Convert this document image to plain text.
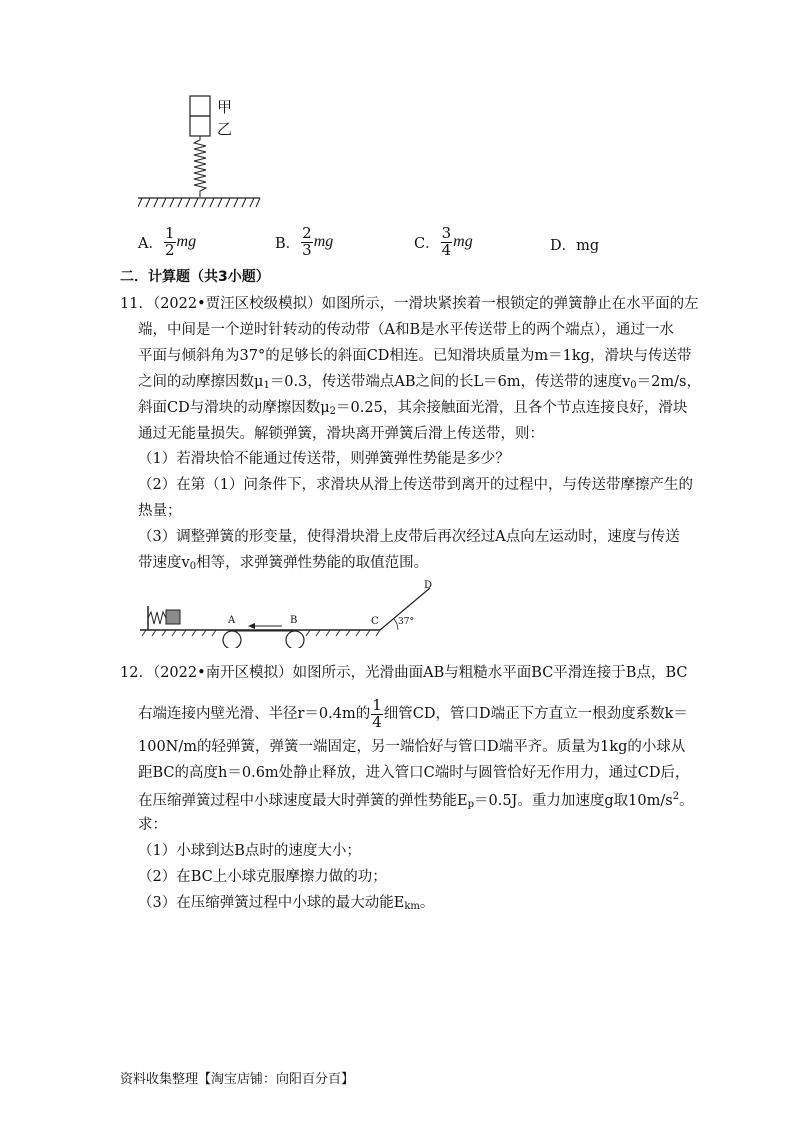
甲
乙
A． $\frac{1}{2}$ mg	B． $\frac{2}{3}$ mg	C． $\frac{3}{4}$ mg	D．mg
二．计算题（共3小题）
11．（2022•贾汪区校级模拟）如图所示，一滑块紧挨着一根锁定的弹簧静止在水平面的左
端，中间是一个逆时针转动的传动带（A和B是水平传送带上的两个端点），通过一水
平面与倾斜角为37°的足够长的斜面CD相连。已知滑块质量为m＝1kg，滑块与传送带
之间的动摩擦因数$\mu_1=0.3$，传送带端点AB之间的长L＝6m，传送带的速度$v_0=2m/s$，
斜面CD与滑块的动摩擦因数$\mu_2=0.25$，其余接触面光滑，且各个节点连接良好，滑块
通过无能量损失。解锁弹簧，滑块离开弹簧后滑上传送带，则：
（1）若滑块恰不能通过传送带，则弹簧弹性势能是多少？
（2）在第（1）问条件下，求滑块从滑上传送带到离开的过程中，与传送带摩擦产生的
热量；
（3）调整弹簧的形变量，使得滑块滑上皮带后再次经过A点向左运动时，速度与传送
带速度$v_0$相等，求弹簧弹性势能的取值范围。
A	B	C
D
37°
12．（2022•南开区模拟）如图所示，光滑曲面AB与粗糙水平面BC平滑连接于B点，BC
右端连接内壁光滑、半径r＝0.4m的 $\frac{1}{4}$ 细管CD，管口D端正下方直立一根劲度系数k＝
100N/m的轻弹簧，弹簧一端固定，另一端恰好与管口D端平齐。质量为1kg的小球从
距BC的高度h＝0.6m处静止释放，进入管口C端时与圆管恰好无作用力，通过CD后，
在压缩弹簧过程中小球速度最大时弹簧的弹性势能$E_p=0.5J$。重力加速度g取$10m/s^2$。
求：
（1）小球到达B点时的速度大小；
（2）在BC上小球克服摩擦力做的功；
（3）在压缩弹簧过程中小球的最大动能$E_{km}$。
资料收集整理【淘宝店铺：向阳百分百】
